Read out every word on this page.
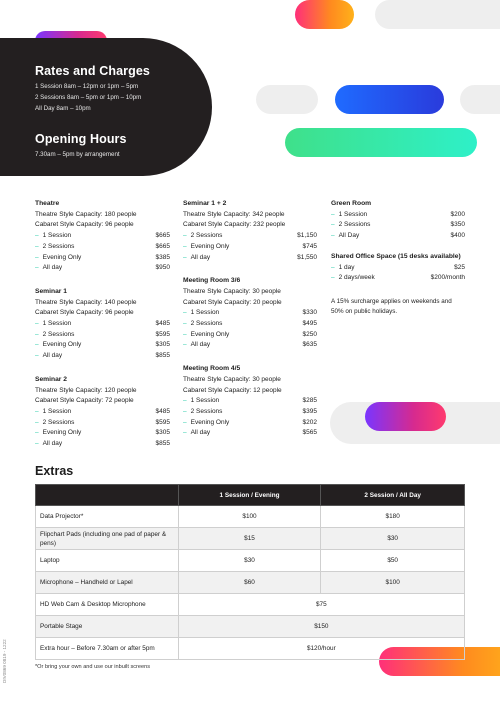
Rates and Charges
1 Session 8am – 12pm or 1pm – 5pm
2 Sessions 8am – 5pm or 1pm – 10pm
All Day 8am – 10pm
Opening Hours
7.30am – 5pm by arrangement
Theatre
Theatre Style Capacity: 180 people
Cabaret Style Capacity: 96 people
– 1 Session	$665
– 2 Sessions	$665
– Evening Only	$385
– All day	$950
Seminar 1
Theatre Style Capacity: 140 people
Cabaret Style Capacity: 96 people
– 1 Session	$485
– 2 Sessions	$595
– Evening Only	$305
– All day	$855
Seminar 2
Theatre Style Capacity: 120 people
Cabaret Style Capacity: 72 people
– 1 Session	$485
– 2 Sessions	$595
– Evening Only	$305
– All day	$855
Seminar 1 + 2
Theatre Style Capacity: 342 people
Cabaret Style Capacity: 232 people
– 2 Sessions	$1,150
– Evening Only	$745
– All day	$1,550
Meeting Room 3/6
Theatre Style Capacity: 30 people
Cabaret Style Capacity: 20 people
– 1 Session	$330
– 2 Sessions	$495
– Evening Only	$250
– All day	$635
Meeting Room 4/5
Theatre Style Capacity: 30 people
Cabaret Style Capacity: 12 people
– 1 Session	$285
– 2 Sessions	$395
– Evening Only	$202
– All day	$565
Green Room
– 1 Session	$200
– 2 Sessions	$350
– All Day	$400
Shared Office Space (15 desks available)
– 1 day	$25
– 2 days/week	$200/month
A 15% surcharge applies on weekends and 50% on public holidays.
Extras
	1 Session / Evening	2 Session / All Day
Data Projector*	$100	$180
Flipchart Pads (including one pad of paper & pens)	$15	$30
Laptop	$30	$50
Microphone – Handheld or Lapel	$60	$100
HD Web Cam & Desktop Microphone	$75	
Portable Stage	$150	
Extra hour – Before 7.30am or after 5pm	$120/hour	
*Or bring your own and use our inbuilt screens
DIV0869 0819 - 1222
